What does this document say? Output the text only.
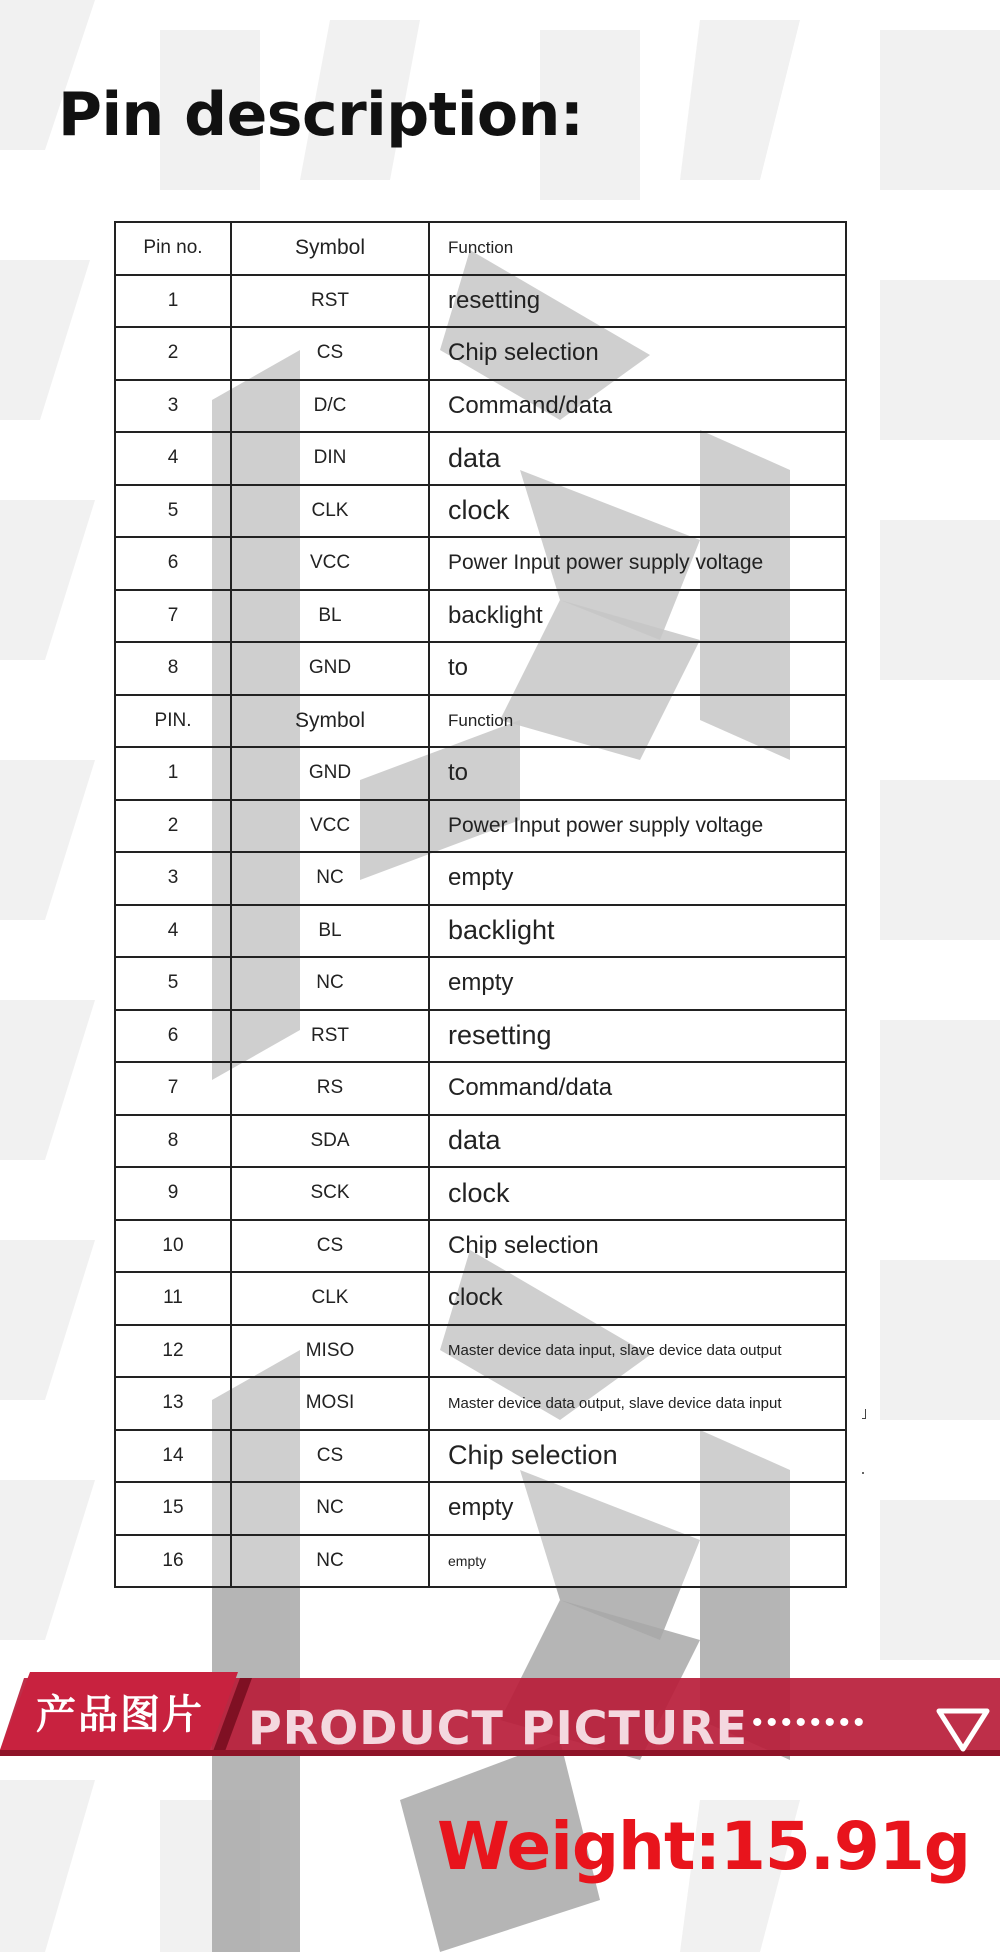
Pin description:
Pin no.	Symbol	Function
1	RST	resetting
2	CS	Chip selection
3	D/C	Command/data
4	DIN	data
5	CLK	clock
6	VCC	Power Input power supply voltage
7	BL	backlight
8	GND	to
PIN.	Symbol	Function
1	GND	to
2	VCC	Power Input power supply voltage
3	NC	empty
4	BL	backlight
5	NC	empty
6	RST	resetting
7	RS	Command/data
8	SDA	data
9	SCK	clock
10	CS	Chip selection
11	CLK	clock
12	MISO	Master device data input, slave device data output
13	MOSI	Master device data output, slave device data input
14	CS	Chip selection
15	NC	empty
16	NC	empty
产品图片 PRODUCT PICTURE ••••••••
Weight:15.91g
